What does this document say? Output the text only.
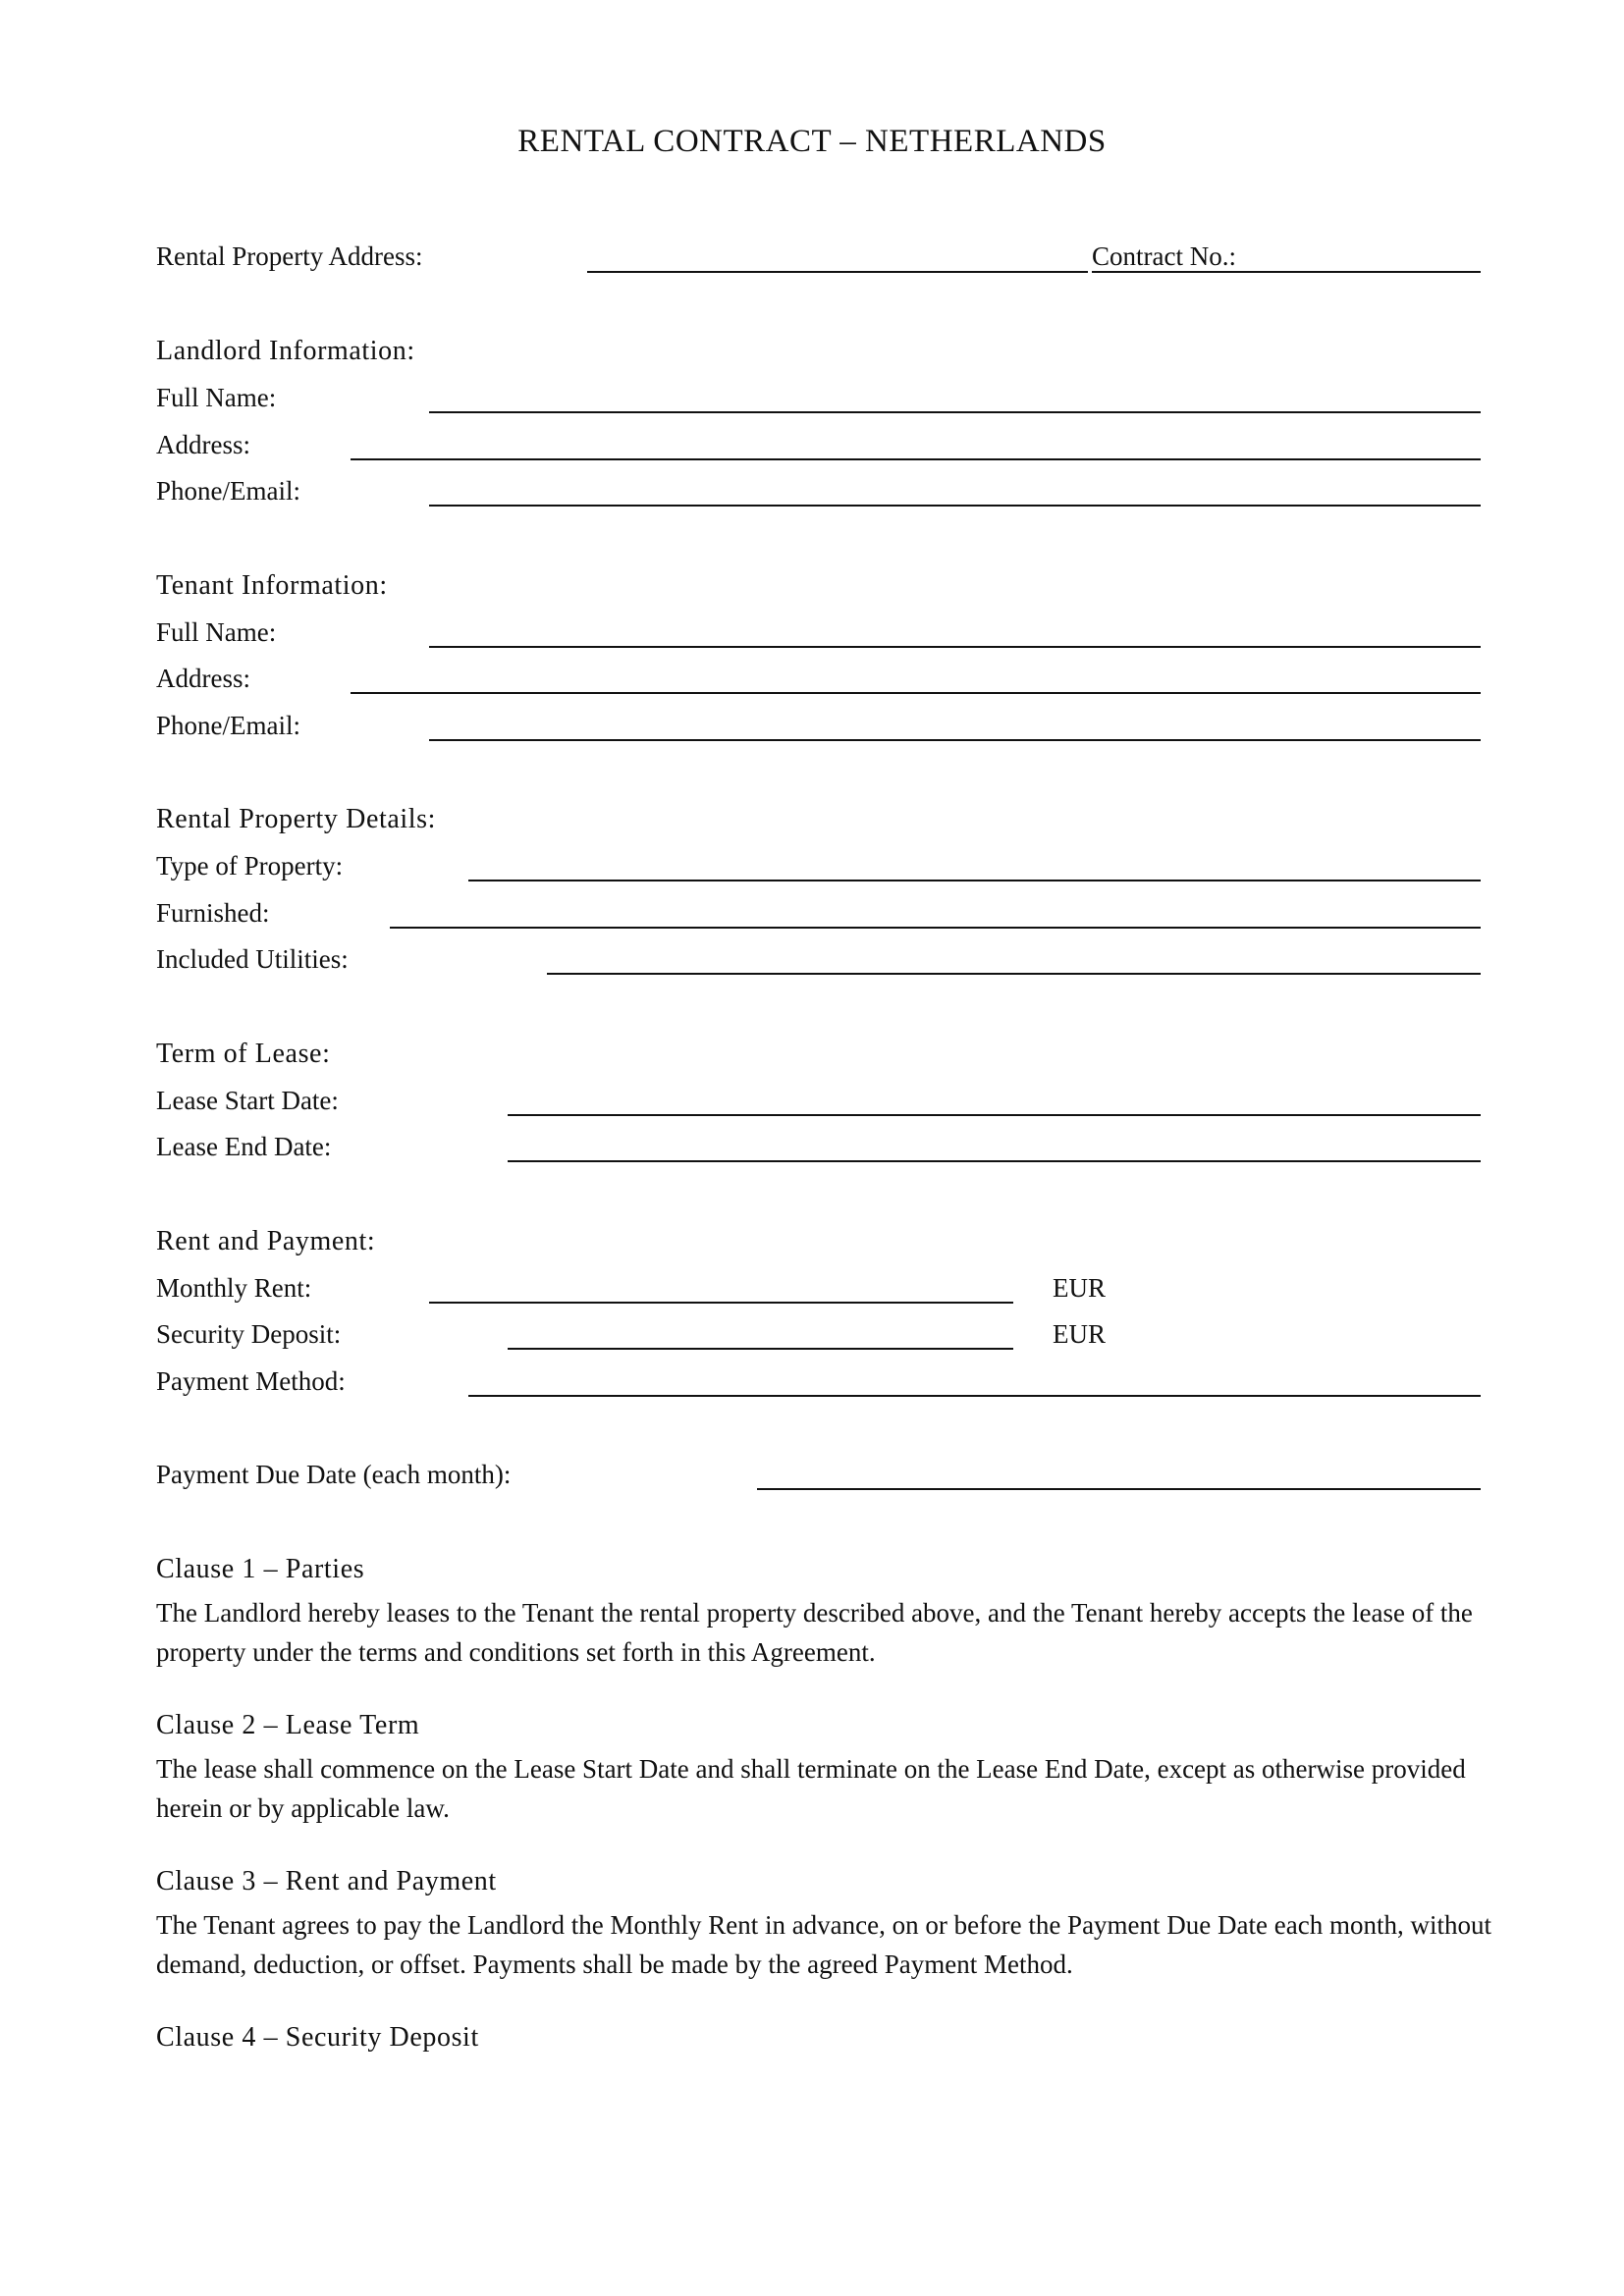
RENTAL CONTRACT – NETHERLANDS
Rental Property Address:	Contract No.:
Landlord Information:
Full Name:
Address:
Phone/Email:
Tenant Information:
Full Name:
Address:
Phone/Email:
Rental Property Details:
Type of Property:
Furnished:
Included Utilities:
Term of Lease:
Lease Start Date:
Lease End Date:
Rent and Payment:
Monthly Rent:	EUR
Security Deposit:	EUR
Payment Method:
Payment Due Date (each month):
Clause 1 – Parties

The Landlord hereby leases to the Tenant the rental property described above, and the Tenant hereby accepts the lease of the property under the terms and conditions set forth in this Agreement.

Clause 2 – Lease Term

The lease shall commence on the Lease Start Date and shall terminate on the Lease End Date, except as otherwise provided herein or by applicable law.

Clause 3 – Rent and Payment

The Tenant agrees to pay the Landlord the Monthly Rent in advance, on or before the Payment Due Date each month, without demand, deduction, or offset. Payments shall be made by the agreed Payment Method.

Clause 4 – Security Deposit
